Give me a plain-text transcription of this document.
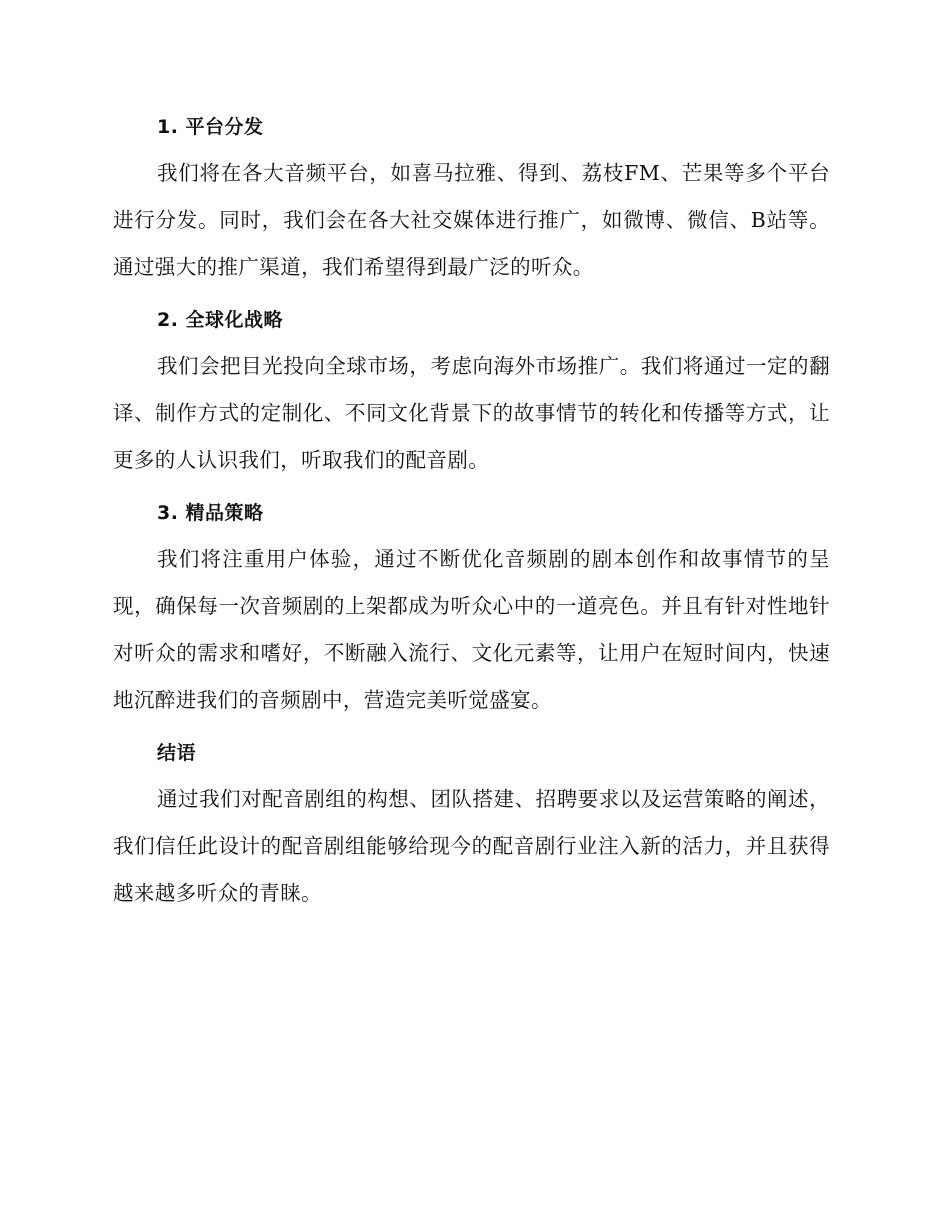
1. 平台分发

我们将在各大音频平台，如喜马拉雅、得到、荔枝FM、芒果等多个平台进行分发。同时，我们会在各大社交媒体进行推广，如微博、微信、B站等。通过强大的推广渠道，我们希望得到最广泛的听众。

2. 全球化战略

我们会把目光投向全球市场，考虑向海外市场推广。我们将通过一定的翻译、制作方式的定制化、不同文化背景下的故事情节的转化和传播等方式，让更多的人认识我们，听取我们的配音剧。

3. 精品策略

我们将注重用户体验，通过不断优化音频剧的剧本创作和故事情节的呈现，确保每一次音频剧的上架都成为听众心中的一道亮色。并且有针对性地针对听众的需求和嗜好，不断融入流行、文化元素等，让用户在短时间内，快速地沉醉进我们的音频剧中，营造完美听觉盛宴。

结语

通过我们对配音剧组的构想、团队搭建、招聘要求以及运营策略的阐述，我们信任此设计的配音剧组能够给现今的配音剧行业注入新的活力，并且获得越来越多听众的青睐。
